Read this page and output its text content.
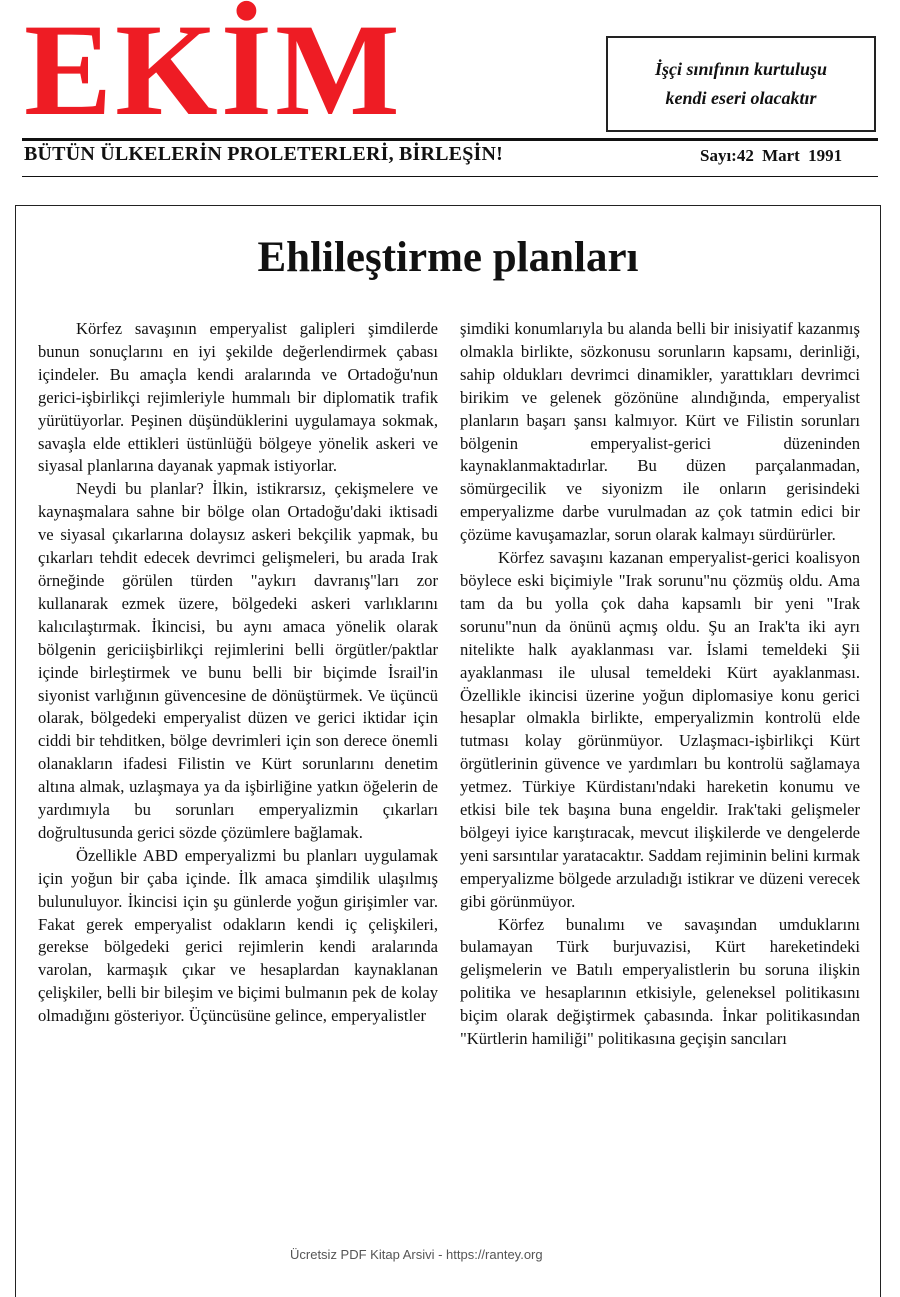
EKİM	İşçi sınıfının kurtuluşu
kendi eseri olacaktır
BÜTÜN ÜLKELERİN PROLETERLERİ, BİRLEŞİN!	Sayı:42 Mart 1991
Ehlileştirme planları

Körfez savaşının emperyalist galipleri şimdilerde bunun sonuçlarını en iyi şekilde değerlendirmek çabası içindeler. Bu amaçla kendi aralarında ve Ortadoğu'nun gerici-işbirlikçi rejimleriyle hummalı bir diplomatik trafik yürütüyorlar. Peşinen düşündüklerini uygulamaya sokmak, savaşla elde ettikleri üstünlüğü bölgeye yönelik askeri ve siyasal planlarına dayanak yapmak istiyorlar.

Neydi bu planlar? İlkin, istikrarsız, çekişmelere ve kaynaşmalara sahne bir bölge olan Ortadoğu'daki iktisadi ve siyasal çıkarlarına dolaysız askeri bekçilik yapmak, bu çıkarları tehdit edecek devrimci gelişmeleri, bu arada Irak örneğinde görülen türden "aykırı davranış"ları zor kullanarak ezmek üzere, bölgedeki askeri varlıklarını kalıcılaştırmak. İkincisi, bu aynı amaca yönelik olarak bölgenin gericiişbirlikçi rejimlerini belli örgütler/paktlar içinde birleştirmek ve bunu belli bir biçimde İsrail'in siyonist varlığının güvencesine de dönüştürmek. Ve üçüncü olarak, bölgedeki emperyalist düzen ve gerici iktidar için ciddi bir tehditken, bölge devrimleri için son derece önemli olanakların ifadesi Filistin ve Kürt sorunlarını denetim altına almak, uzlaşmaya ya da işbirliğine yatkın öğelerin de yardımıyla bu sorunları emperyalizmin çıkarları doğrultusunda gerici sözde çözümlere bağlamak.

Özellikle ABD emperyalizmi bu planları uygulamak için yoğun bir çaba içinde. İlk amaca şimdilik ulaşılmış bulunuluyor. İkincisi için şu günlerde yoğun girişimler var. Fakat gerek emperyalist odakların kendi iç çelişkileri, gerekse bölgedeki gerici rejimlerin kendi aralarında varolan, karmaşık çıkar ve hesaplardan kaynaklanan çelişkiler, belli bir bileşim ve biçimi bulmanın pek de kolay olmadığını gösteriyor. Üçüncüsüne gelince, emperyalistler

şimdiki konumlarıyla bu alanda belli bir inisiyatif kazanmış olmakla birlikte, sözkonusu sorunların kapsamı, derinliği, sahip oldukları devrimci dinamikler, yarattıkları devrimci birikim ve gelenek gözönüne alındığında, emperyalist planların başarı şansı kalmıyor. Kürt ve Filistin sorunları bölgenin emperyalist-gerici düzeninden kaynaklanmaktadırlar. Bu düzen parçalanmadan, sömürgecilik ve siyonizm ile onların gerisindeki emperyalizme darbe vurulmadan az çok tatmin edici bir çözüme kavuşamazlar, sorun olarak kalmayı sürdürürler.

Körfez savaşını kazanan emperyalist-gerici koalisyon böylece eski biçimiyle "Irak sorunu"nu çözmüş oldu. Ama tam da bu yolla çok daha kapsamlı bir yeni "Irak sorunu"nun da önünü açmış oldu. Şu an Irak'ta iki ayrı nitelikte halk ayaklanması var. İslami temeldeki Şii ayaklanması ile ulusal temeldeki Kürt ayaklanması. Özellikle ikincisi üzerine yoğun diplomasiye konu gerici hesaplar olmakla birlikte, emperyalizmin kontrolü elde tutması kolay görünmüyor. Uzlaşmacı-işbirlikçi Kürt örgütlerinin güvence ve yardımları bu kontrolü sağlamaya yetmez. Türkiye Kürdistanı'ndaki hareketin konumu ve etkisi bile tek başına buna engeldir. Irak'taki gelişmeler bölgeyi iyice karıştıracak, mevcut ilişkilerde ve dengelerde yeni sarsıntılar yaratacaktır. Saddam rejiminin belini kırmak emperyalizme bölgede arzuladığı istikrar ve düzeni verecek gibi görünmüyor.

Körfez bunalımı ve savaşından umduklarını bulamayan Türk burjuvazisi, Kürt hareketindeki gelişmelerin ve Batılı emperyalistlerin bu soruna ilişkin politika ve hesaplarının etkisiyle, geleneksel politikasını biçim olarak değiştirmek çabasında. İnkar politikasından "Kürtlerin hamiliği" politikasına geçişin sancıları

Ücretsiz PDF Kitap Arsivi - https://rantey.org
